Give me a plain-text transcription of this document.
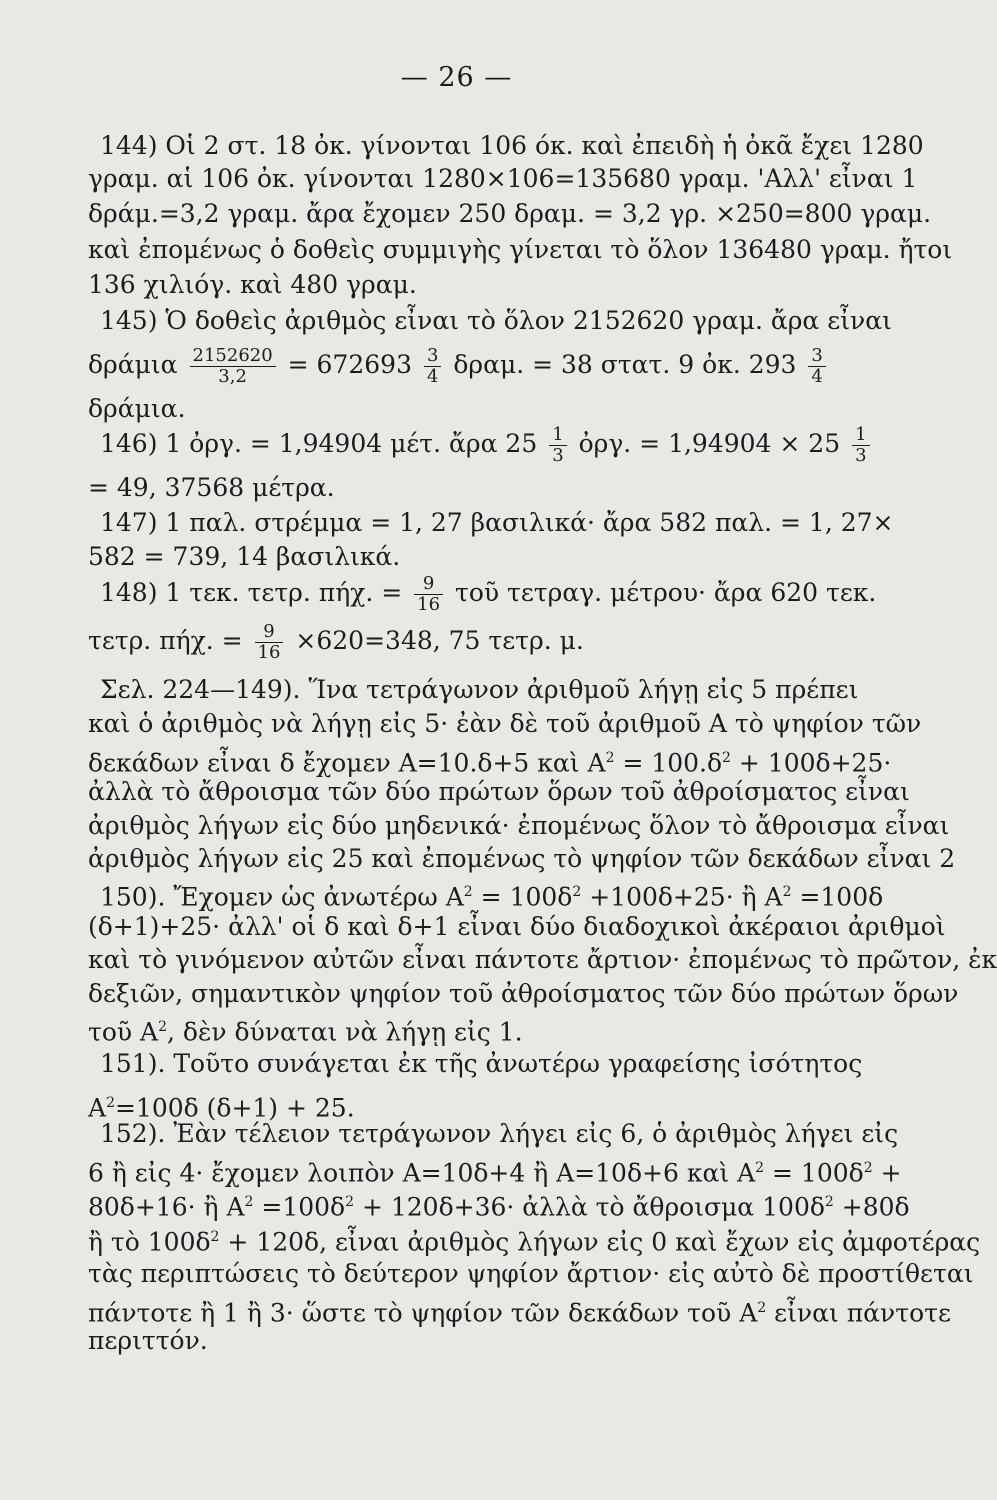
— 26 —
144) Οἱ 2 στ. 18 ὀκ. γίνονται 106 όκ. καὶ ἐπειδὴ ἡ ὀκᾶ ἔχει 1280
γραμ. αἱ 106 ὀκ. γίνονται 1280×106=135680 γραμ. 'Αλλ' εἶναι 1
δράμ.=3,2 γραμ. ἄρα ἔχομεν 250 δραμ. = 3,2 γρ. ×250=800 γραμ.
καὶ ἐπομένως ὁ δοθεὶς συμμιγὴς γίνεται τὸ ὅλον 136480 γραμ. ἤτοι
136 χιλιόγ. καὶ 480 γραμ.
145) Ὁ δοθεὶς ἀριθμὸς εἶναι τὸ ὅλον 2152620 γραμ. ἄρα εἶναι
δράμια $\frac{2152620}{3,2} = 672693 \frac{3}{4} \delta\rho\alpha\mu$. = 38 στατ. 9 ὀκ. $293 \frac{3}{4}$
δράμια.
146) 1 ὀργ. = 1,94904 μέτ. ἄρα $25 \frac{1}{3}$ ὀργ. = $1,94904 \times 25 \frac{1}{3}$
= 49, 37568 μέτρα.
147) 1 παλ. στρέμμα = 1, 27 βασιλικά· ἄρα 582 παλ. = 1, 27×
582 = 739, 14 βασιλικά.
148) 1 τεκ. τετρ. πήχ. = $\frac{9}{16}$ τοῦ τετραγ. μέτρου· ἄρα 620 τεκ.
τετρ. πήχ. = $\frac{9}{16} \times 620=348$, 75 τετρ. μ.
Σελ. 224—149). Ἵνα τετράγωνον ἀριθμοῦ λήγῃ εἰς 5 πρέπει
καὶ ὁ ἀριθμὸς νὰ λήγῃ εἰς 5· ἐὰν δὲ τοῦ ἀριθμοῦ Α τὸ ψηφίον τῶν
δεκάδων εἶναι δ ἔχομεν Α=10.δ+5 καὶ $A^2 = 100.\delta^2 + 100\delta+25\cdot$
ἀλλὰ τὸ ἄθροισμα τῶν δύο πρώτων ὅρων τοῦ ἀθροίσματος εἶναι
ἀριθμὸς λήγων εἰς δύο μηδενικά· ἐπομένως ὅλον τὸ ἄθροισμα εἶναι
ἀριθμὸς λήγων εἰς 25 καὶ ἐπομένως τὸ ψηφίον τῶν δεκάδων εἶναι 2
150). Ἔχομεν ὡς ἀνωτέρω $A^2 = 100\delta^2 +100\delta+25\cdot$ ἢ $A^2 =100\delta$
(δ+1)+25· ἀλλ' οἱ δ καὶ δ+1 εἶναι δύο διαδοχικοὶ ἀκέραιοι ἀριθμοὶ
καὶ τὸ γινόμενον αὐτῶν εἶναι πάντοτε ἄρτιον· ἐπομένως τὸ πρῶτον, ἐκ
δεξιῶν, σημαντικὸν ψηφίον τοῦ ἀθροίσματος τῶν δύο πρώτων ὅρων
τοῦ $A^2$, δὲν δύναται νὰ λήγῃ εἰς 1.
151). Τοῦτο συνάγεται ἐκ τῆς ἀνωτέρω γραφείσης ἰσότητος
$A^2=100\delta$ (δ+1) + 25.
152). Ἐὰν τέλειον τετράγωνον λήγει εἰς 6, ὁ ἀριθμὸς λήγει εἰς
6 ἢ εἰς 4· ἔχομεν λοιπὸν Α=10δ+4 ἢ Α=10δ+6 καὶ $A^2 = 100\delta^2$ +
80δ+16· ἢ $A^2 =100\delta^2 + 120\delta+36\cdot$ ἀλλὰ τὸ ἄθροισμα $100\delta^2 +80\delta$
ἢ τὸ $100\delta^2 + 120\delta$, εἶναι ἀριθμὸς λήγων εἰς 0 καὶ ἔχων εἰς ἀμφοτέρας
τὰς περιπτώσεις τὸ δεύτερον ψηφίον ἄρτιον· εἰς αὐτὸ δὲ προστίθεται
πάντοτε ἢ 1 ἢ 3· ὥστε τὸ ψηφίον τῶν δεκάδων τοῦ $A^2$ εἶναι πάντοτε
περιττόν.
